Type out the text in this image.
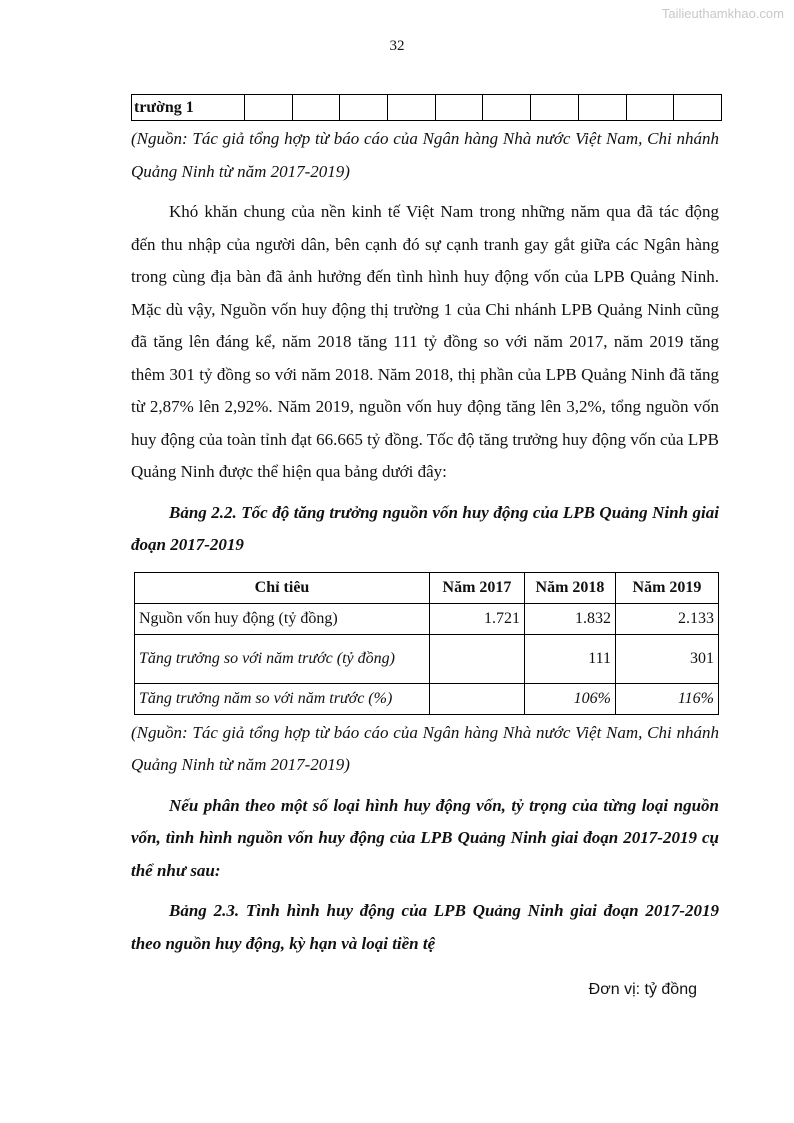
Tailieuthamkhao.com
32
trường 1										

(Nguồn: Tác giả tổng hợp từ báo cáo của Ngân hàng Nhà nước Việt Nam, Chi nhánh Quảng Ninh từ năm 2017-2019)

Khó khăn chung của nền kinh tế Việt Nam trong những năm qua đã tác động đến thu nhập của người dân, bên cạnh đó sự cạnh tranh gay gắt giữa các Ngân hàng trong cùng địa bàn đã ảnh hưởng đến tình hình huy động vốn của LPB Quảng Ninh. Mặc dù vậy, Nguồn vốn huy động thị trường 1 của Chi nhánh LPB Quảng Ninh cũng đã tăng lên đáng kể, năm 2018 tăng 111 tỷ đồng so với năm 2017, năm 2019 tăng thêm 301 tỷ đồng so với năm 2018. Năm 2018, thị phần của LPB Quảng Ninh đã tăng từ 2,87% lên 2,92%. Năm 2019, nguồn vốn huy động tăng lên 3,2%, tổng nguồn vốn huy động của toàn tỉnh đạt 66.665 tỷ đồng. Tốc độ tăng trưởng huy động vốn của LPB Quảng Ninh được thể hiện qua bảng dưới đây:

Bảng 2.2. Tốc độ tăng trưởng nguồn vốn huy động của LPB Quảng Ninh giai đoạn 2017-2019

Chỉ tiêu	Năm 2017	Năm 2018	Năm 2019
Nguồn vốn huy động (tỷ đồng)	1.721	1.832	2.133
Tăng trưởng so với năm trước (tỷ đồng)		111	301
Tăng trưởng năm so với năm trước (%)		106%	116%

(Nguồn: Tác giả tổng hợp từ báo cáo của Ngân hàng Nhà nước Việt Nam, Chi nhánh Quảng Ninh từ năm 2017-2019)

Nếu phân theo một số loại hình huy động vốn, tỷ trọng của từng loại nguồn vốn, tình hình nguồn vốn huy động của LPB Quảng Ninh giai đoạn 2017-2019 cụ thể như sau:

Bảng 2.3. Tình hình huy động của LPB Quảng Ninh giai đoạn 2017-2019 theo nguồn huy động, kỳ hạn và loại tiền tệ

Đơn vị: tỷ đồng
